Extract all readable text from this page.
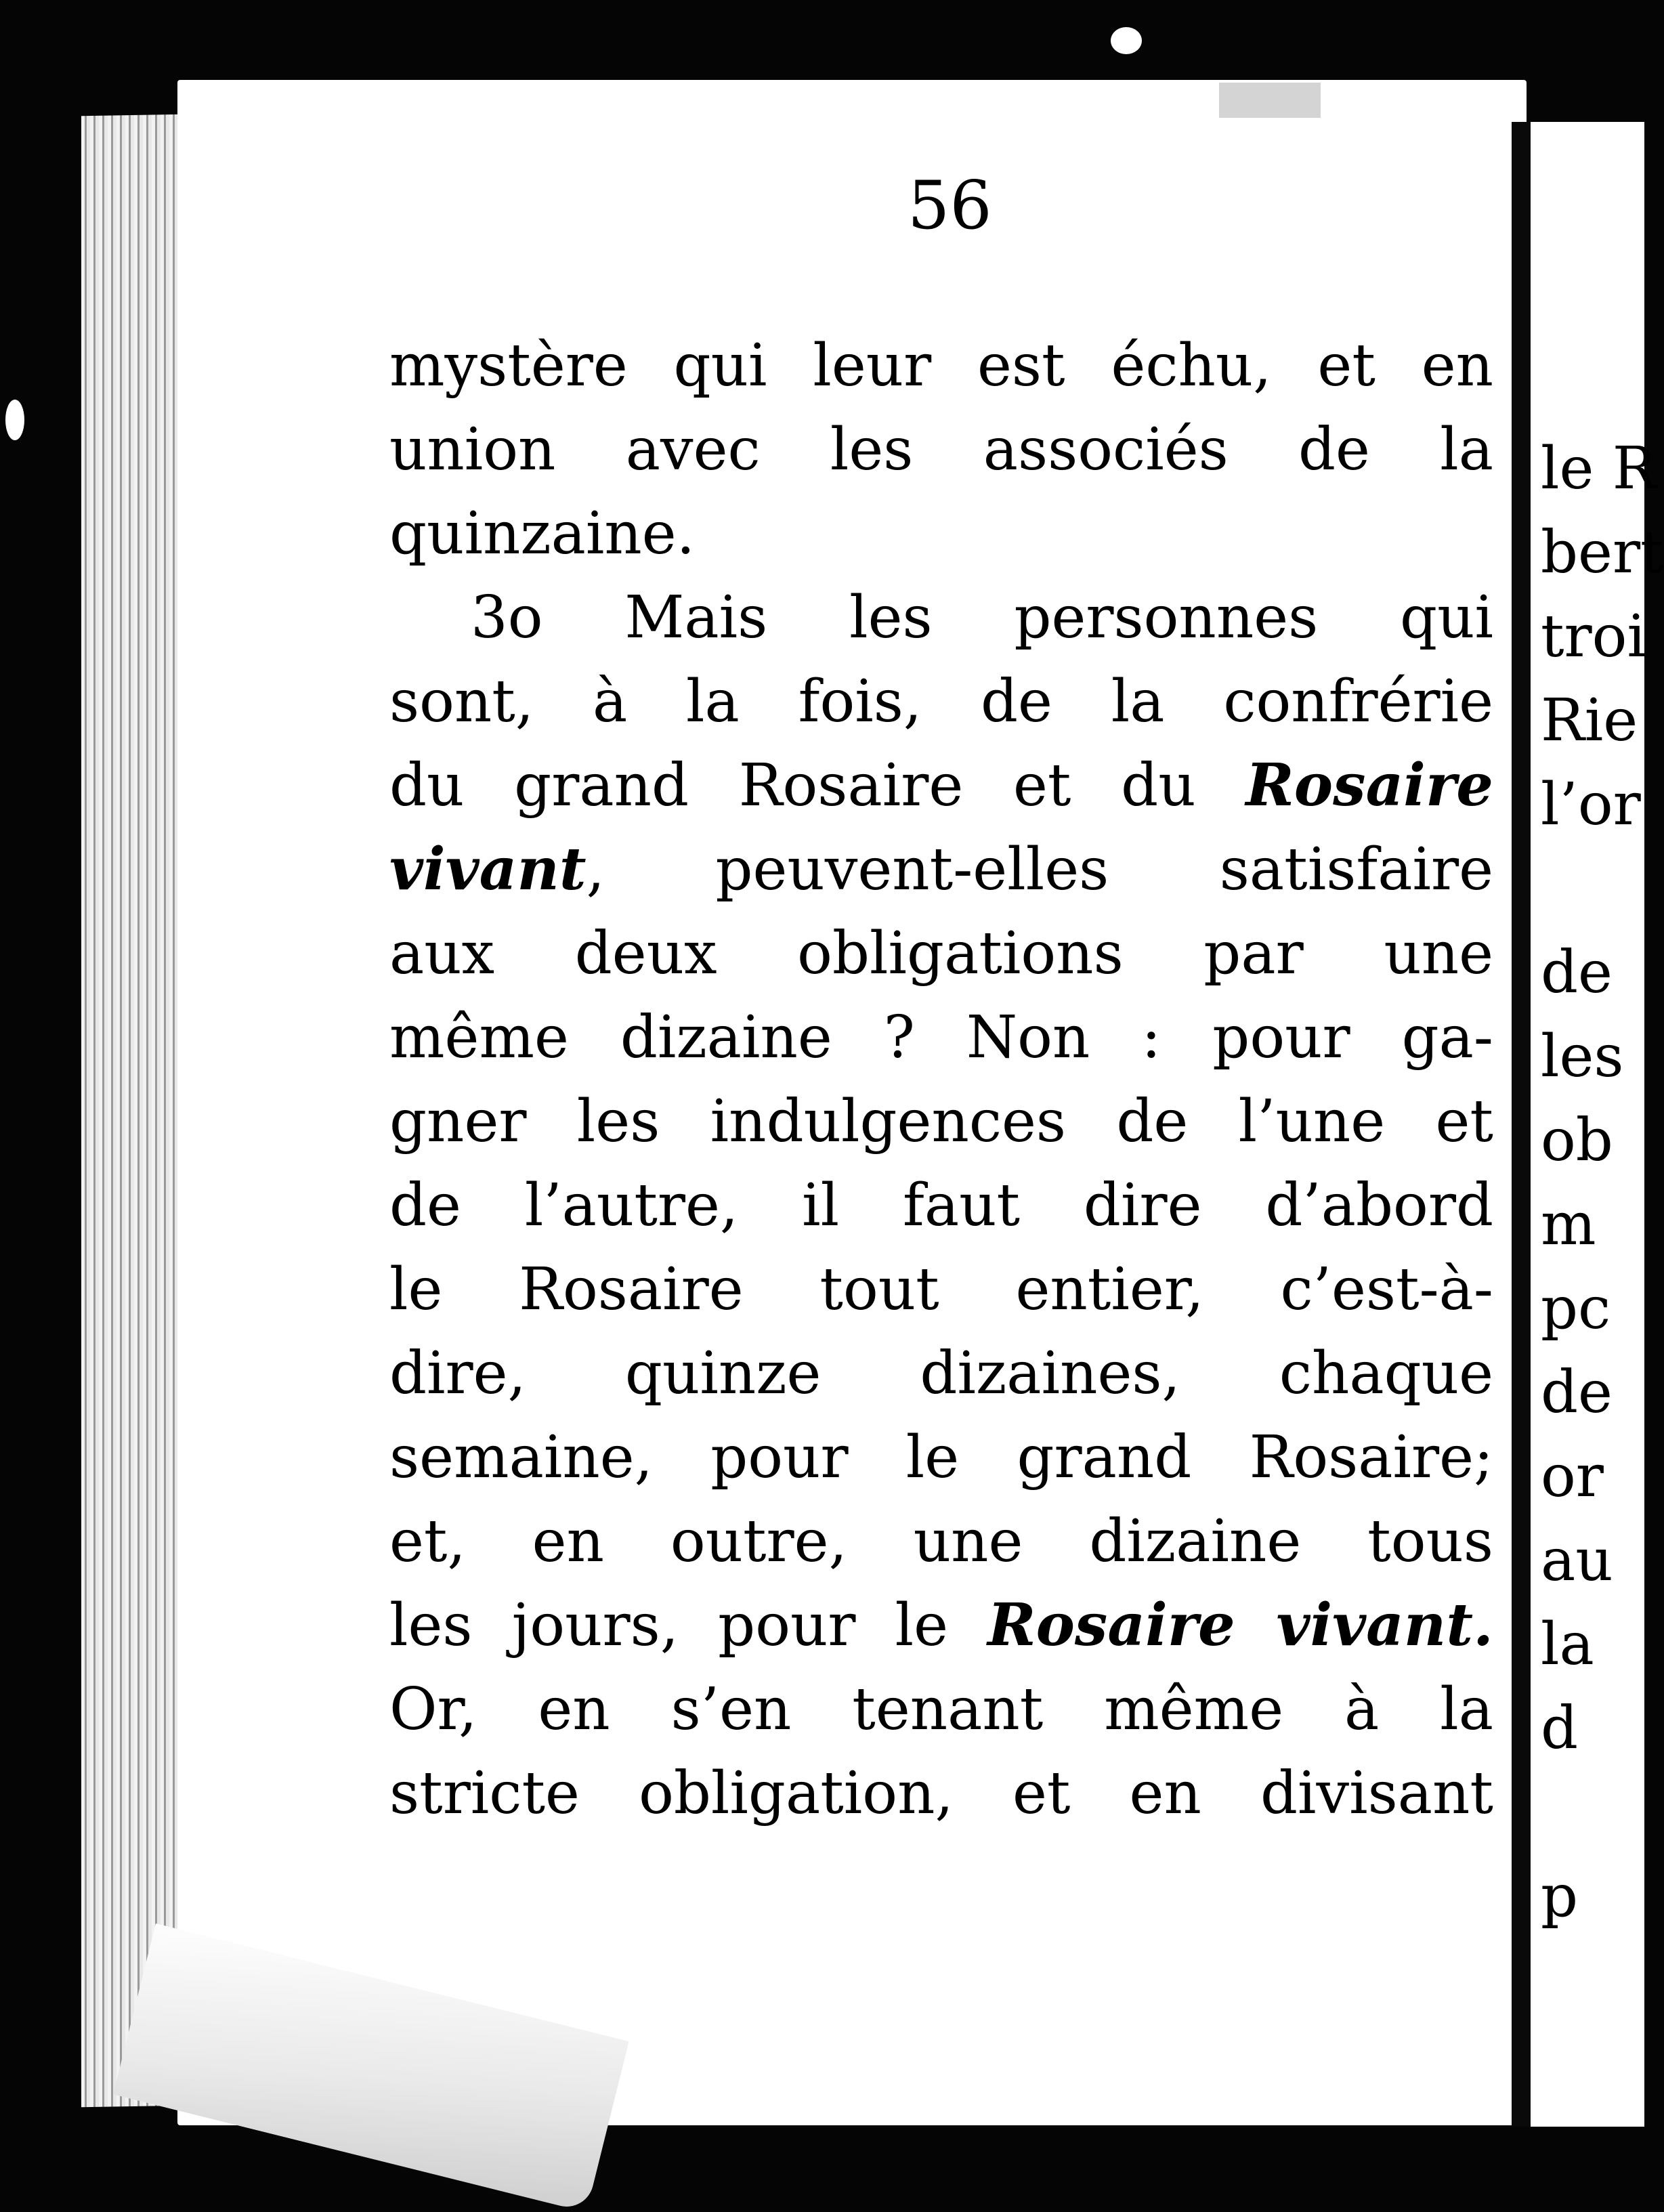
56
mystère qui leur est échu, et en
union avec les associés de la
quinzaine.
3o Mais les personnes qui
sont, à la fois, de la confrérie
du grand Rosaire et du Rosaire
vivant, peuvent-elles satisfaire
aux deux obligations par une
même dizaine ? Non : pour ga-
gner les indulgences de l’une et
de l’autre, il faut dire d’abord
le Rosaire tout entier, c’est-à-
dire, quinze dizaines, chaque
semaine, pour le grand Rosaire;
et, en outre, une dizaine tous
les jours, pour le Rosaire vivant.
Or, en s’en tenant même à la
stricte obligation, et en divisant
le R
bert
troi
Rie
l’or
de
les
ob
m
pc
de
or
au
la
d
p
